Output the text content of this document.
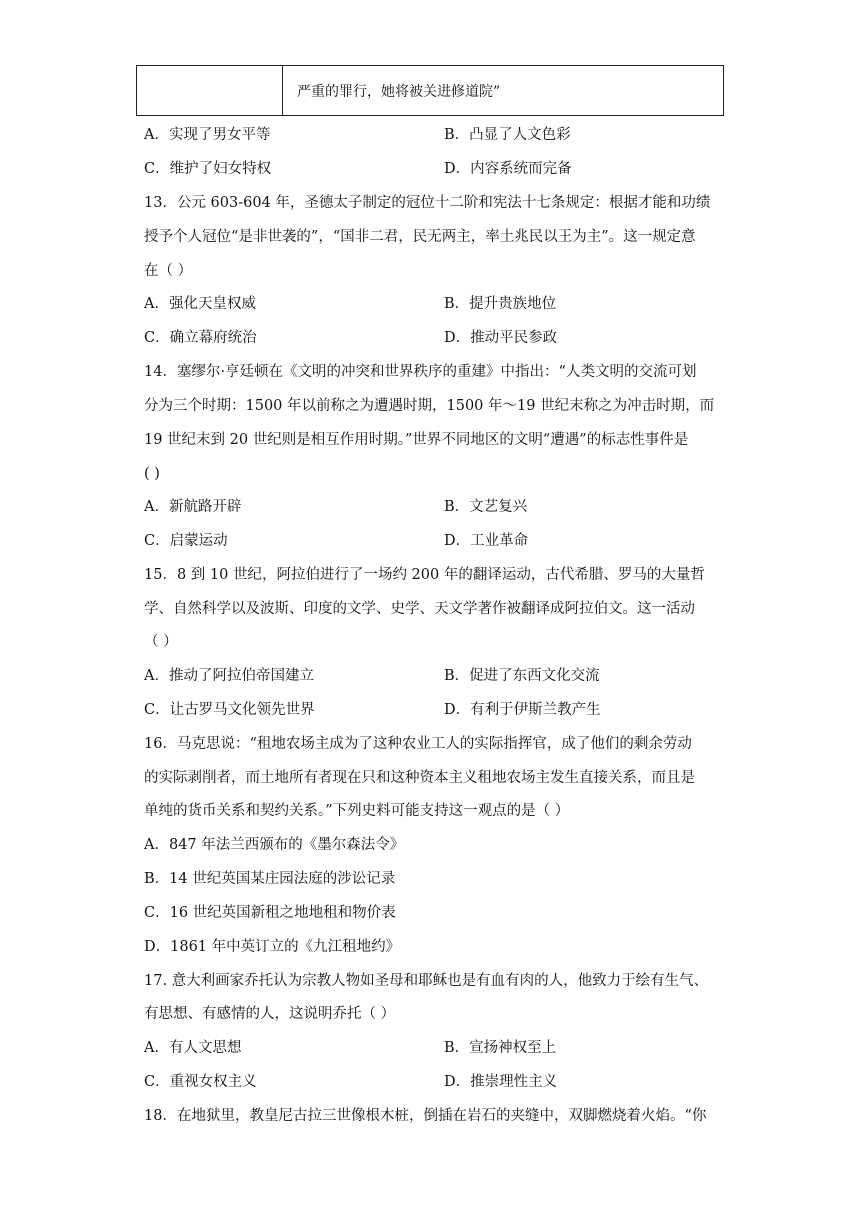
严重的罪行，她将被关进修道院”
A．实现了男女平等	B．凸显了人文色彩
C．维护了妇女特权	D．内容系统而完备
13．公元 603-604 年，圣德太子制定的冠位十二阶和宪法十七条规定：根据才能和功绩
授予个人冠位“是非世袭的”，“国非二君，民无两主，率土兆民以王为主”。这一规定意
在（ ）
A．强化天皇权威	B．提升贵族地位
C．确立幕府统治	D．推动平民参政
14．塞缪尔·亨廷顿在《文明的冲突和世界秩序的重建》中指出：“人类文明的交流可划
分为三个时期：1500 年以前称之为遭遇时期，1500 年～19 世纪末称之为冲击时期，而
19 世纪末到 20 世纪则是相互作用时期。”世界不同地区的文明“遭遇”的标志性事件是
( )
A．新航路开辟	B．文艺复兴
C．启蒙运动	D．工业革命
15．8 到 10 世纪，阿拉伯进行了一场约 200 年的翻译运动，古代希腊、罗马的大量哲
学、自然科学以及波斯、印度的文学、史学、天文学著作被翻译成阿拉伯文。这一活动
（ ）
A．推动了阿拉伯帝国建立	B．促进了东西文化交流
C．让古罗马文化领先世界	D．有利于伊斯兰教产生
16．马克思说：“租地农场主成为了这种农业工人的实际指挥官，成了他们的剩余劳动
的实际剥削者，而土地所有者现在只和这种资本主义租地农场主发生直接关系，而且是
单纯的货币关系和契约关系。”下列史料可能支持这一观点的是（ ）
A．847 年法兰西颁布的《墨尔森法令》
B．14 世纪英国某庄园法庭的涉讼记录
C．16 世纪英国新租之地地租和物价表
D．1861 年中英订立的《九江租地约》
17. 意大利画家乔托认为宗教人物如圣母和耶稣也是有血有肉的人，他致力于绘有生气、
有思想、有感情的人，这说明乔托（ ）
A．有人文思想	B．宣扬神权至上
C．重视女权主义	D．推崇理性主义
18．在地狱里，教皇尼古拉三世像根木桩，倒插在岩石的夹缝中，双脚燃烧着火焰。“你
